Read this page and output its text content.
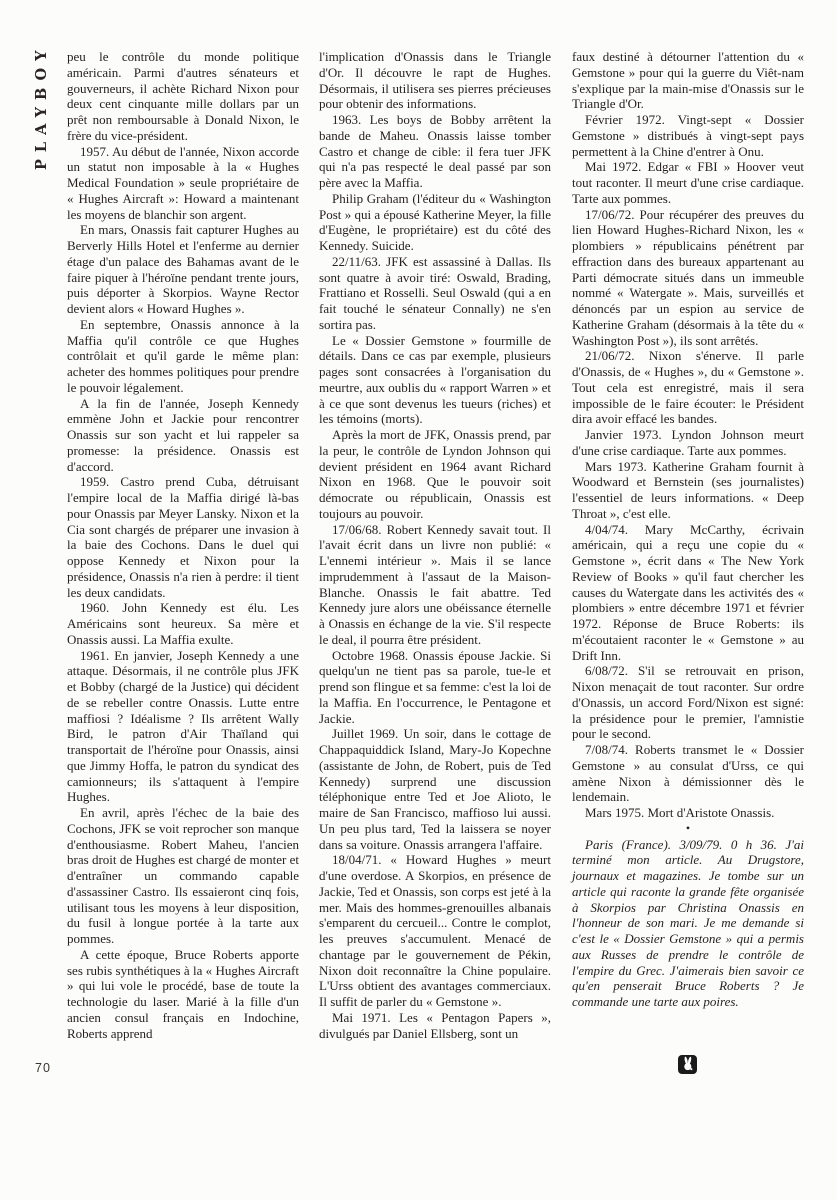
PLAYBOY peu le contrôle du monde politique américain. Parmi d'autres sénateurs et gouverneurs, il achète Richard Nixon pour deux cent cinquante mille dollars par un prêt non remboursable à Donald Nixon, le frère du vice-président.

1957. Au début de l'année, Nixon accorde un statut non imposable à la « Hughes Medical Foundation » seule propriétaire de « Hughes Aircraft »: Howard a maintenant les moyens de blanchir son argent.

En mars, Onassis fait capturer Hughes au Berverly Hills Hotel et l'enferme au dernier étage d'un palace des Bahamas avant de le faire piquer à l'héroïne pendant trente jours, puis déporter à Skorpios. Wayne Rector devient alors « Howard Hughes ».

En septembre, Onassis annonce à la Maffia qu'il contrôle ce que Hughes contrôlait et qu'il garde le même plan: acheter des hommes politiques pour prendre le pouvoir légalement.

A la fin de l'année, Joseph Kennedy emmène John et Jackie pour rencontrer Onassis sur son yacht et lui rappeler sa promesse: la présidence. Onassis est d'accord.

1959. Castro prend Cuba, détruisant l'empire local de la Maffia dirigé là-bas pour Onassis par Meyer Lansky. Nixon et la Cia sont chargés de préparer une invasion à la baie des Cochons. Dans le duel qui oppose Kennedy et Nixon pour la présidence, Onassis n'a rien à perdre: il tient les deux candidats.

1960. John Kennedy est élu. Les Américains sont heureux. Sa mère et Onassis aussi. La Maffia exulte.

1961. En janvier, Joseph Kennedy a une attaque. Désormais, il ne contrôle plus JFK et Bobby (chargé de la Justice) qui décident de se rebeller contre Onassis. Lutte entre maffiosi ? Idéalisme ? Ils arrêtent Wally Bird, le patron d'Air Thaïland qui transportait de l'héroïne pour Onassis, ainsi que Jimmy Hoffa, le patron du syndicat des camionneurs; ils s'attaquent à l'empire Hughes.

En avril, après l'échec de la baie des Cochons, JFK se voit reprocher son manque d'enthousiasme. Robert Maheu, l'ancien bras droit de Hughes est chargé de monter et d'entraîner un commando capable d'assassiner Castro. Ils essaieront cinq fois, utilisant tous les moyens à leur disposition, du fusil à longue portée à la tarte aux pommes.

A cette époque, Bruce Roberts apporte ses rubis synthétiques à la « Hughes Aircraft » qui lui vole le procédé, base de toute la technologie du laser. Marié à la fille d'un ancien consul français en Indochine, Roberts apprend

l'implication d'Onassis dans le Triangle d'Or. Il découvre le rapt de Hughes. Désormais, il utilisera ses pierres précieuses pour obtenir des informations.

1963. Les boys de Bobby arrêtent la bande de Maheu. Onassis laisse tomber Castro et change de cible: il fera tuer JFK qui n'a pas respecté le deal passé par son père avec la Maffia.

Philip Graham (l'éditeur du « Washington Post » qui a épousé Katherine Meyer, la fille d'Eugène, le propriétaire) est du côté des Kennedy. Suicide.

22/11/63. JFK est assassiné à Dallas. Ils sont quatre à avoir tiré: Oswald, Brading, Frattiano et Rosselli. Seul Oswald (qui a en fait touché le sénateur Connally) ne s'en sortira pas.

Le « Dossier Gemstone » fourmille de détails. Dans ce cas par exemple, plusieurs pages sont consacrées à l'organisation du meurtre, aux oublis du « rapport Warren » et à ce que sont devenus les tueurs (riches) et les témoins (morts).

Après la mort de JFK, Onassis prend, par la peur, le contrôle de Lyndon Johnson qui devient président en 1964 avant Richard Nixon en 1968. Que le pouvoir soit démocrate ou républicain, Onassis est toujours au pouvoir.

17/06/68. Robert Kennedy savait tout. Il l'avait écrit dans un livre non publié: « L'ennemi intérieur ». Mais il se lance imprudemment à l'assaut de la Maison-Blanche. Onassis le fait abattre. Ted Kennedy jure alors une obéissance éternelle à Onassis en échange de la vie. S'il respecte le deal, il pourra être président.

Octobre 1968. Onassis épouse Jackie. Si quelqu'un ne tient pas sa parole, tue-le et prend son flingue et sa femme: c'est la loi de la Maffia. En l'occurrence, le Pentagone et Jackie.

Juillet 1969. Un soir, dans le cottage de Chappaquiddick Island, Mary-Jo Kopechne (assistante de John, de Robert, puis de Ted Kennedy) surprend une discussion téléphonique entre Ted et Joe Alioto, le maire de San Francisco, maffioso lui aussi. Un peu plus tard, Ted la laissera se noyer dans sa voiture. Onassis arrangera l'affaire.

18/04/71. « Howard Hughes » meurt d'une overdose. A Skorpios, en présence de Jackie, Ted et Onassis, son corps est jeté à la mer. Mais des hommes-grenouilles albanais s'emparent du cercueil... Contre le complot, les preuves s'accumulent. Menacé de chantage par le gouvernement de Pékin, Nixon doit reconnaître la Chine populaire. L'Urss obtient des avantages commerciaux. Il suffit de parler du « Gemstone ».

Mai 1971. Les « Pentagon Papers », divulgués par Daniel Ellsberg, sont un

faux destiné à détourner l'attention du « Gemstone » pour qui la guerre du Viêt-nam s'explique par la main-mise d'Onassis sur le Triangle d'Or.

Février 1972. Vingt-sept « Dossier Gemstone » distribués à vingt-sept pays permettent à la Chine d'entrer à Onu.

Mai 1972. Edgar « FBI » Hoover veut tout raconter. Il meurt d'une crise cardiaque. Tarte aux pommes.

17/06/72. Pour récupérer des preuves du lien Howard Hughes-Richard Nixon, les « plombiers » républicains pénétrent par effraction dans des bureaux appartenant au Parti démocrate situés dans un immeuble nommé « Watergate ». Mais, surveillés et dénoncés par un espion au service de Katherine Graham (désormais à la tête du « Washington Post »), ils sont arrêtés.

21/06/72. Nixon s'énerve. Il parle d'Onassis, de « Hughes », du « Gemstone ». Tout cela est enregistré, mais il sera impossible de le faire écouter: le Président dira avoir effacé les bandes.

Janvier 1973. Lyndon Johnson meurt d'une crise cardiaque. Tarte aux pommes.

Mars 1973. Katherine Graham fournit à Woodward et Bernstein (ses journalistes) l'essentiel de leurs informations. « Deep Throat », c'est elle.

4/04/74. Mary McCarthy, écrivain américain, qui a reçu une copie du « Gemstone », écrit dans « The New York Review of Books » qu'il faut chercher les causes du Watergate dans les activités des « plombiers » entre décembre 1971 et février 1972. Réponse de Bruce Roberts: ils m'écoutaient raconter le « Gemstone » au Drift Inn.

6/08/72. S'il se retrouvait en prison, Nixon menaçait de tout raconter. Sur ordre d'Onassis, un accord Ford/Nixon est signé: la présidence pour le premier, l'amnistie pour le second.

7/08/74. Roberts transmet le « Dossier Gemstone » au consulat d'Urss, ce qui amène Nixon à démissionner dès le lendemain.

Mars 1975. Mort d'Aristote Onassis.

•

Paris (France). 3/09/79. 0 h 36. J'ai terminé mon article. Au Drugstore, journaux et magazines. Je tombe sur un article qui raconte la grande fête organisée à Skorpios par Christina Onassis en l'honneur de son mari. Je me demande si c'est le « Dossier Gemstone » qui a permis aux Russes de prendre le contrôle de l'empire du Grec. J'aimerais bien savoir ce qu'en penserait Bruce Roberts ? Je commande une tarte aux poires.

70
